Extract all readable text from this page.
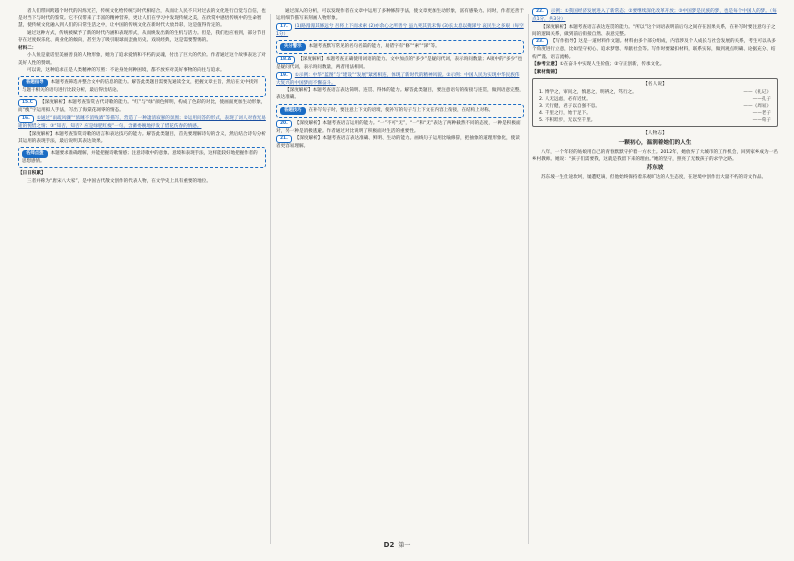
者人们带回跨越个时代的闪烁光芒，传统文化给传统与时代相结合，从而让人民不只对过去的文化进行自觉与自信，也是对当下与时代的鉴赏。它不仅带来了丰富的精神营养，更让人们在学习中发现传统之美，在欣赏中感悟传统中的生命智慧，使传统文化融入到人们的日常生活之中，让中国的传统文化在新时代大放异彩，这是值得肯定的。

通过这种方式，传统被赋予了新的时代内涵和表现形式，从而焕发出新的生机与活力。但是，我们也应看到，部分节目存在过度娱乐化、商业化的倾向，甚至为了吸引眼球而歪曲历史、戏说经典，这是需要警惕的。

材料二：

小人鱼是童话里美丽善良的人物形象，她为了追求爱情和不朽的灵魂，付出了巨大的代价。作者通过这个故事表达了对美好人性的赞颂。

可以说，这种追求正是人类精神的写照：不论身处何种困境，都不放弃对美好事物的向往与追求。

答题指导 本题考查筛选并整合文中的信息的能力。解答此类题目需要先通读全文，把握文章主旨，然后在文中找到与题干相关的语句进行比较分析，最后得出结论。

15.C 【深度解析】本题考查鉴赏古代诗歌的能力。“红”与“绿”颜色鲜明，构成了色彩的对比，使画面更加生动形象，而“瘦”字运用拟人手法，写出了海棠花凋零的情态。

16. ①通过“雨疏风骤”“浓睡不消残酒”等描写，营造了一种凄清寂寥的氛围；②运用问答的形式，表现了词人对春光易逝的惋惜之情；③“知否，知否？应是绿肥红瘦”一句，含蓄委婉地抒发了惜花伤春的情感。

【深度解析】本题考查鉴赏诗歌的语言和表达技巧的能力。解答此类题目，首先要理解诗句的含义，然后结合诗句分析其运用的表现手法，最后说明其表达效果。

名师点拨 本题要求准确理解，并能把握诗歌情感；注意诗歌中的意象、意境和表现手法，这样能较好地把握作者的思想感情。

【日日积累】

三者并称为“唐宋八大家”，是中国古代散文创作的代表人物，在文学史上具有重要的地位。

通过深入的分析，可以发现作者在文章中运用了多种修辞手法，使文章更加生动形象，富有感染力。同时，作者还善于运用细节描写来刻画人物形象。

17. (1)路漫漫其修远兮 吾将上下而求索 (2)亦余心之所善兮 虽九死其犹未悔 (3)长太息以掩涕兮 哀民生之多艰（每空1分）

失分警示 本题考查默写常见的名句名篇的能力，易错字有“修”“索”“涕”等。

18.A 【深度解析】本题考查正确使用词语的能力。文中加点的“多少”是疑问代词，表示询问数量；A项中的“多少”也是疑问代词，表示询问数量，两者用法相同。

19. ①示例：中华“蓝图”与“建设”“发展”紧密相连，体现了新时代的精神风貌。②示例：中国人民为实现中华民族伟大复兴的中国梦而不懈奋斗。

【深度解析】本题考查语言表达简明、连贯、得体的能力。解答此类题目，要注意语句的衔接与连贯，做到语意完整，表达准确。

答题技巧 在补写句子时，要注意上下文的语境，使补写的句子与上下文在内容上衔接，在结构上对称。

20. 【深度解析】本题考查语言运用的能力。“一”不可“无”，“一”和“无”表达了两种截然不同的态度，一种是积极面对，另一种是消极逃避。作者通过对比说明了积极面对生活的重要性。

21. 【深度解析】本题考查语言表达准确、鲜明、生动的能力。画线句子运用比喻修辞，把抽象的道理形象化，使读者更容易理解。

22. 示例：①我国经济发展进入了新常态；②要继续深化改革开放；③中国梦是民族的梦，也是每个中国人的梦。（每点1分，共3分）

【深度解析】本题考查语言表达连贯的能力。“所以”这个词语表明前后句之间存在因果关系，在补写时要注意句子之间的逻辑关系，做到前后衔接自然、表意完整。

23. 【写作指导】这是一道材料作文题。材料由多个部分组成，内容涉及个人成长与社会发展的关系，考生可以从多个角度进行立意，比如坚守初心、追求梦想、奉献社会等。写作时要紧扣材料，联系实际，做到观点明确、论据充分、结构严谨、语言流畅。

【参考立意】①在奋斗中实现人生价值；②守正创新，传承文化。

【素材集锦】

【名人说】
1. 博学之，审问之，慎思之，明辨之，笃行之。	——《礼记》
2. 人无远虑，必有近忧。	——孔子
3. 天行健，君子以自强不息。	——《周易》
4. 千里之行，始于足下。	——老子
5. 不积跬步，无以至千里。	——荀子
【人物志】
一颗初心，温润着她们的人生

八年，一个年轻的姑娘用自己的青春默默守护着一方水土。2012年，她放弃了大城市的工作机会，回到家乡成为一名乡村教师。她说：“孩子们需要我，这就是我留下来的理由。”她的坚守，照亮了无数孩子的求学之路。

苏东坡

苏东坡一生仕途坎坷，屡遭贬谪，但他始终保持着乐观旷达的人生态度，在逆境中创作出大量不朽的诗文作品。

D2 第一
